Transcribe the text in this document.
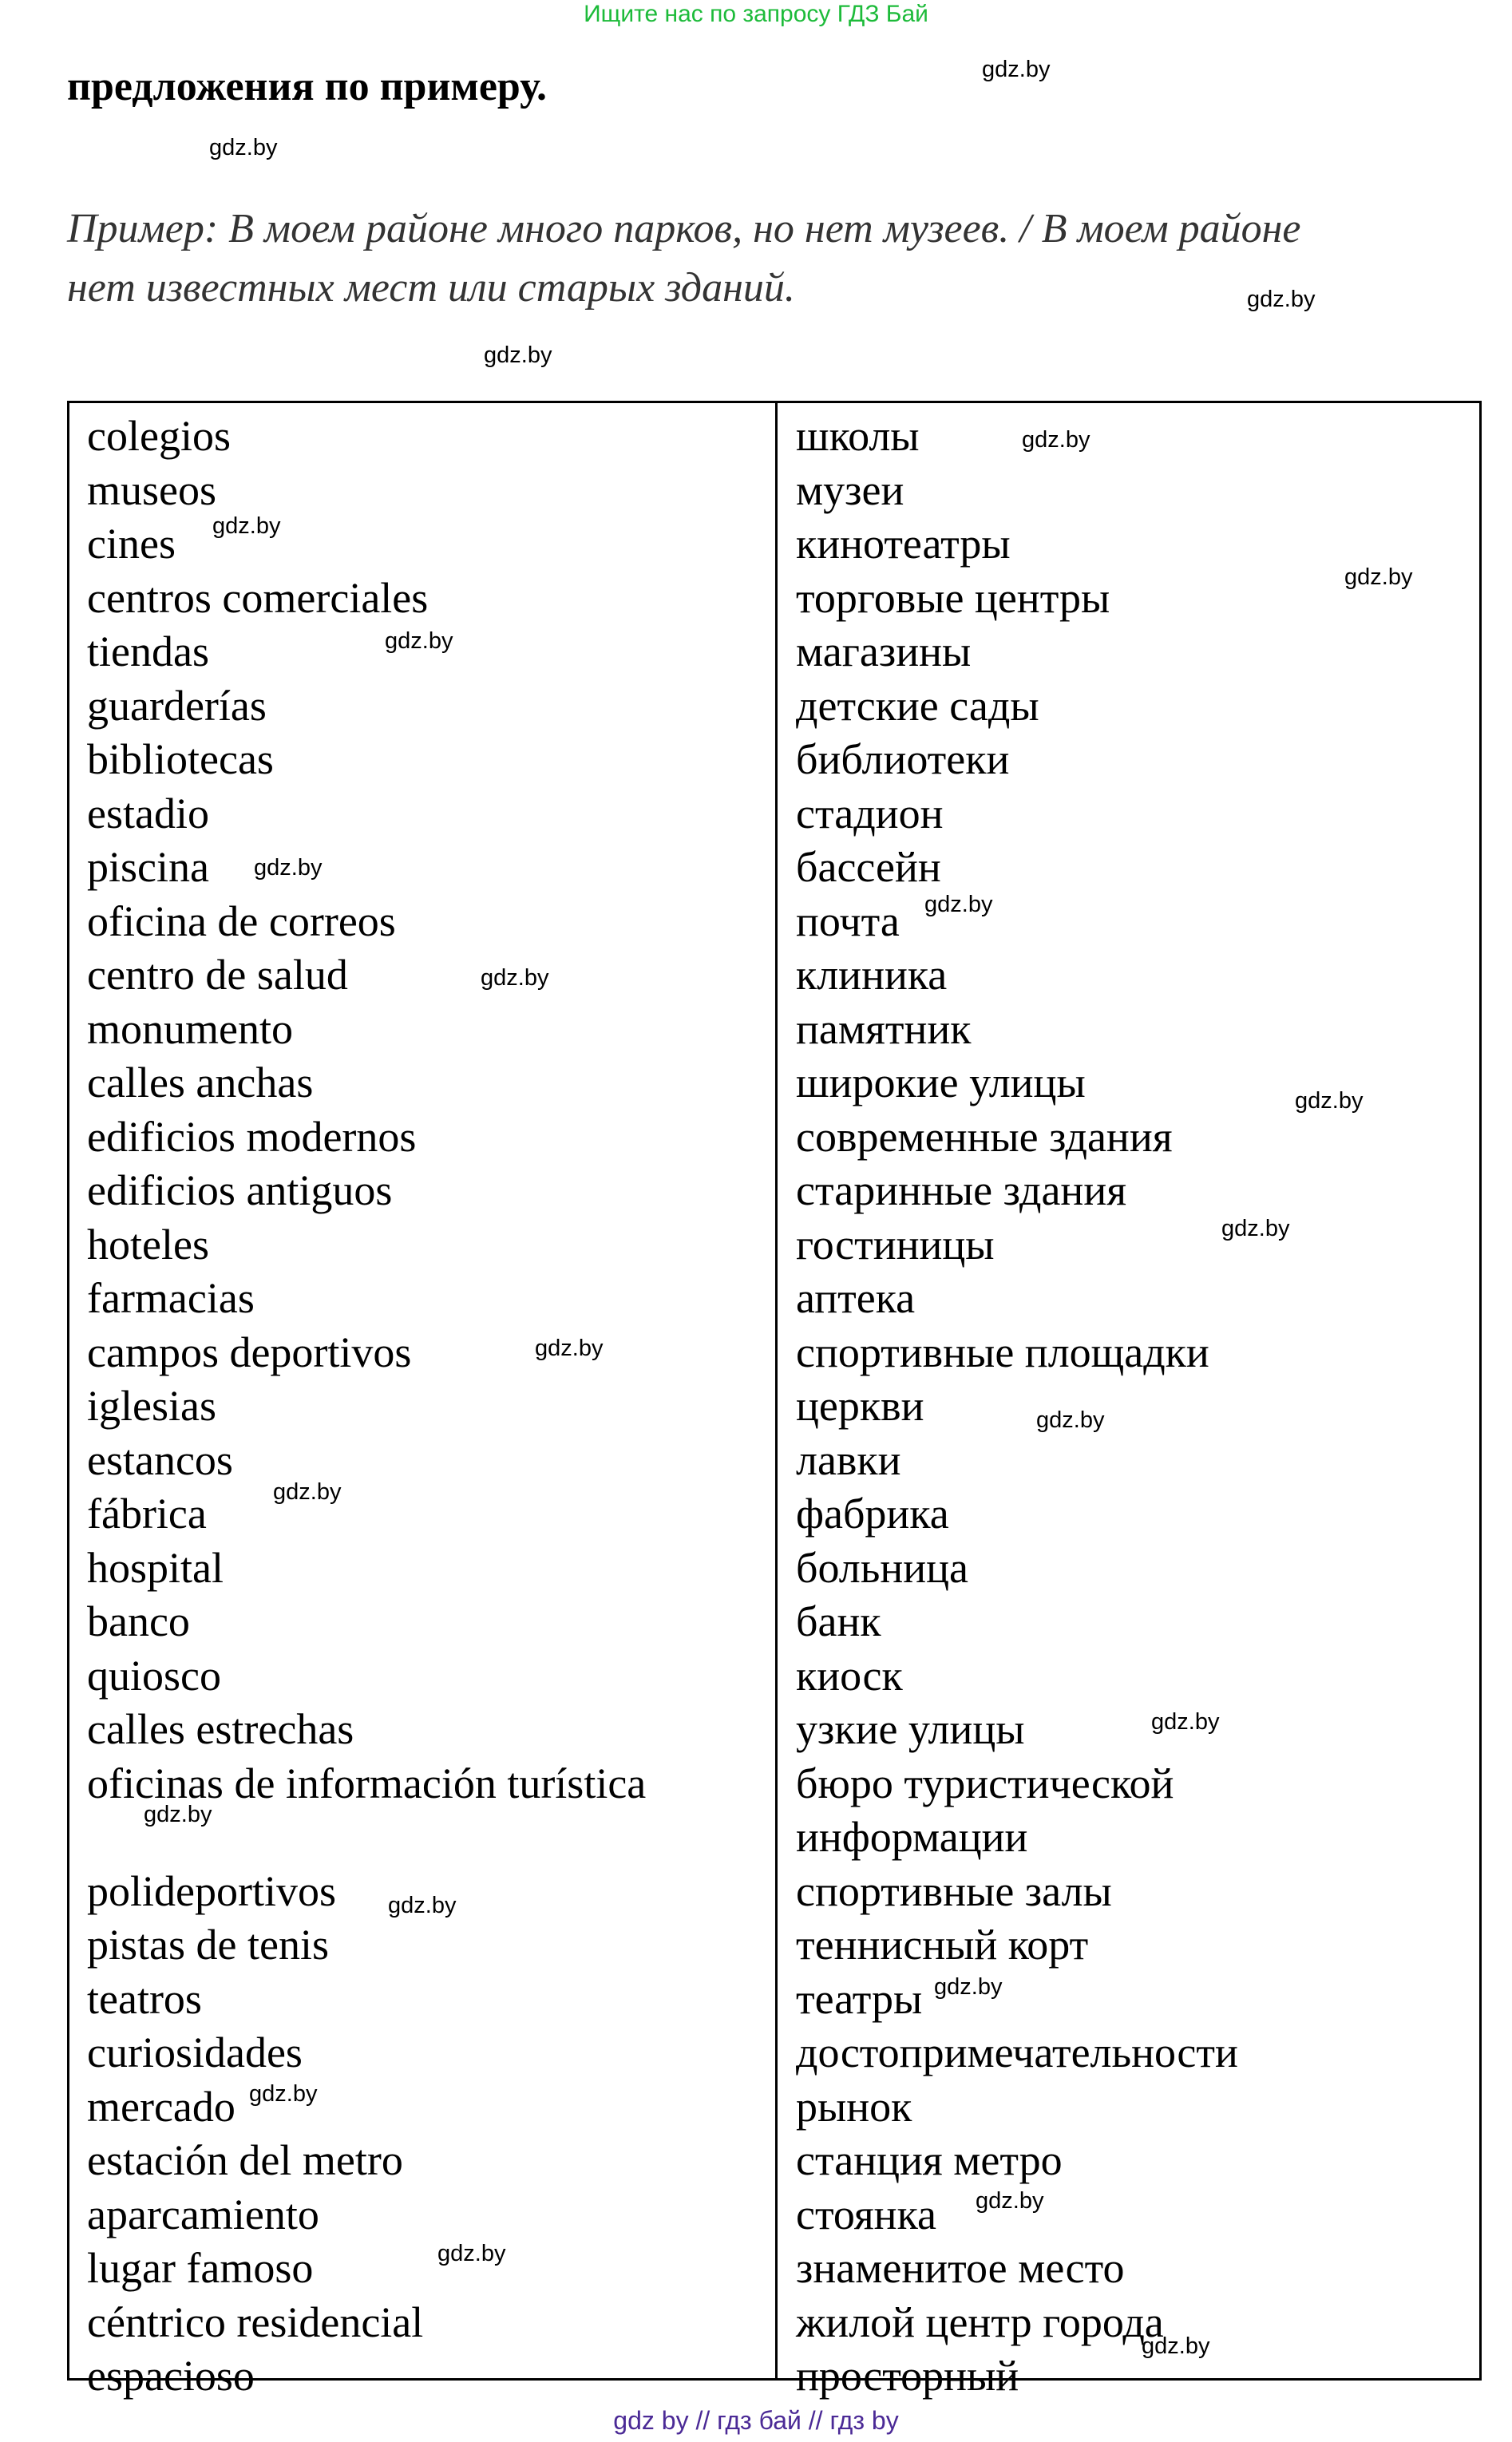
Ищите нас по запросу ГДЗ Бай
предложения по примеру.
Пример: В моем районе много парков, но нет музеев. / В моем районе
нет известных мест или старых зданий.
colegios	школы
museos	музеи
cines	кинотеатры
centros comerciales	торговые центры
tiendas	магазины
guarderías	детские сады
bibliotecas	библиотеки
estadio	стадион
piscina	бассейн
oficina de correos	почта
centro de salud	клиника
monumento	памятник
calles anchas	широкие улицы
edificios modernos	современные здания
edificios antiguos	старинные здания
hoteles	гостиницы
farmacias	аптека
campos deportivos	спортивные площадки
iglesias	церкви
estancos	лавки
fábrica	фабрика
hospital	больница
banco	банк
quiosco	киоск
calles estrechas	узкие улицы
oficinas de información turística	бюро туристической
информации
polideportivos	спортивные залы
pistas de tenis	теннисный корт
teatros	театры
curiosidades	достопримечательности
mercado	рынок
estación del metro	станция метро
aparcamiento	стоянка
lugar famoso	знаменитое место
céntrico residencial	жилой центр города
espacioso	просторный
gdz.by
gdz.by
gdz.by
gdz.by
gdz.by
gdz.by
gdz.by
gdz.by
gdz.by
gdz.by
gdz.by
gdz.by
gdz.by
gdz.by
gdz.by
gdz.by
gdz.by
gdz.by
gdz.by
gdz.by
gdz.by
gdz.by
gdz.by
gdz.by
gdz by // гдз бай // гдз by
